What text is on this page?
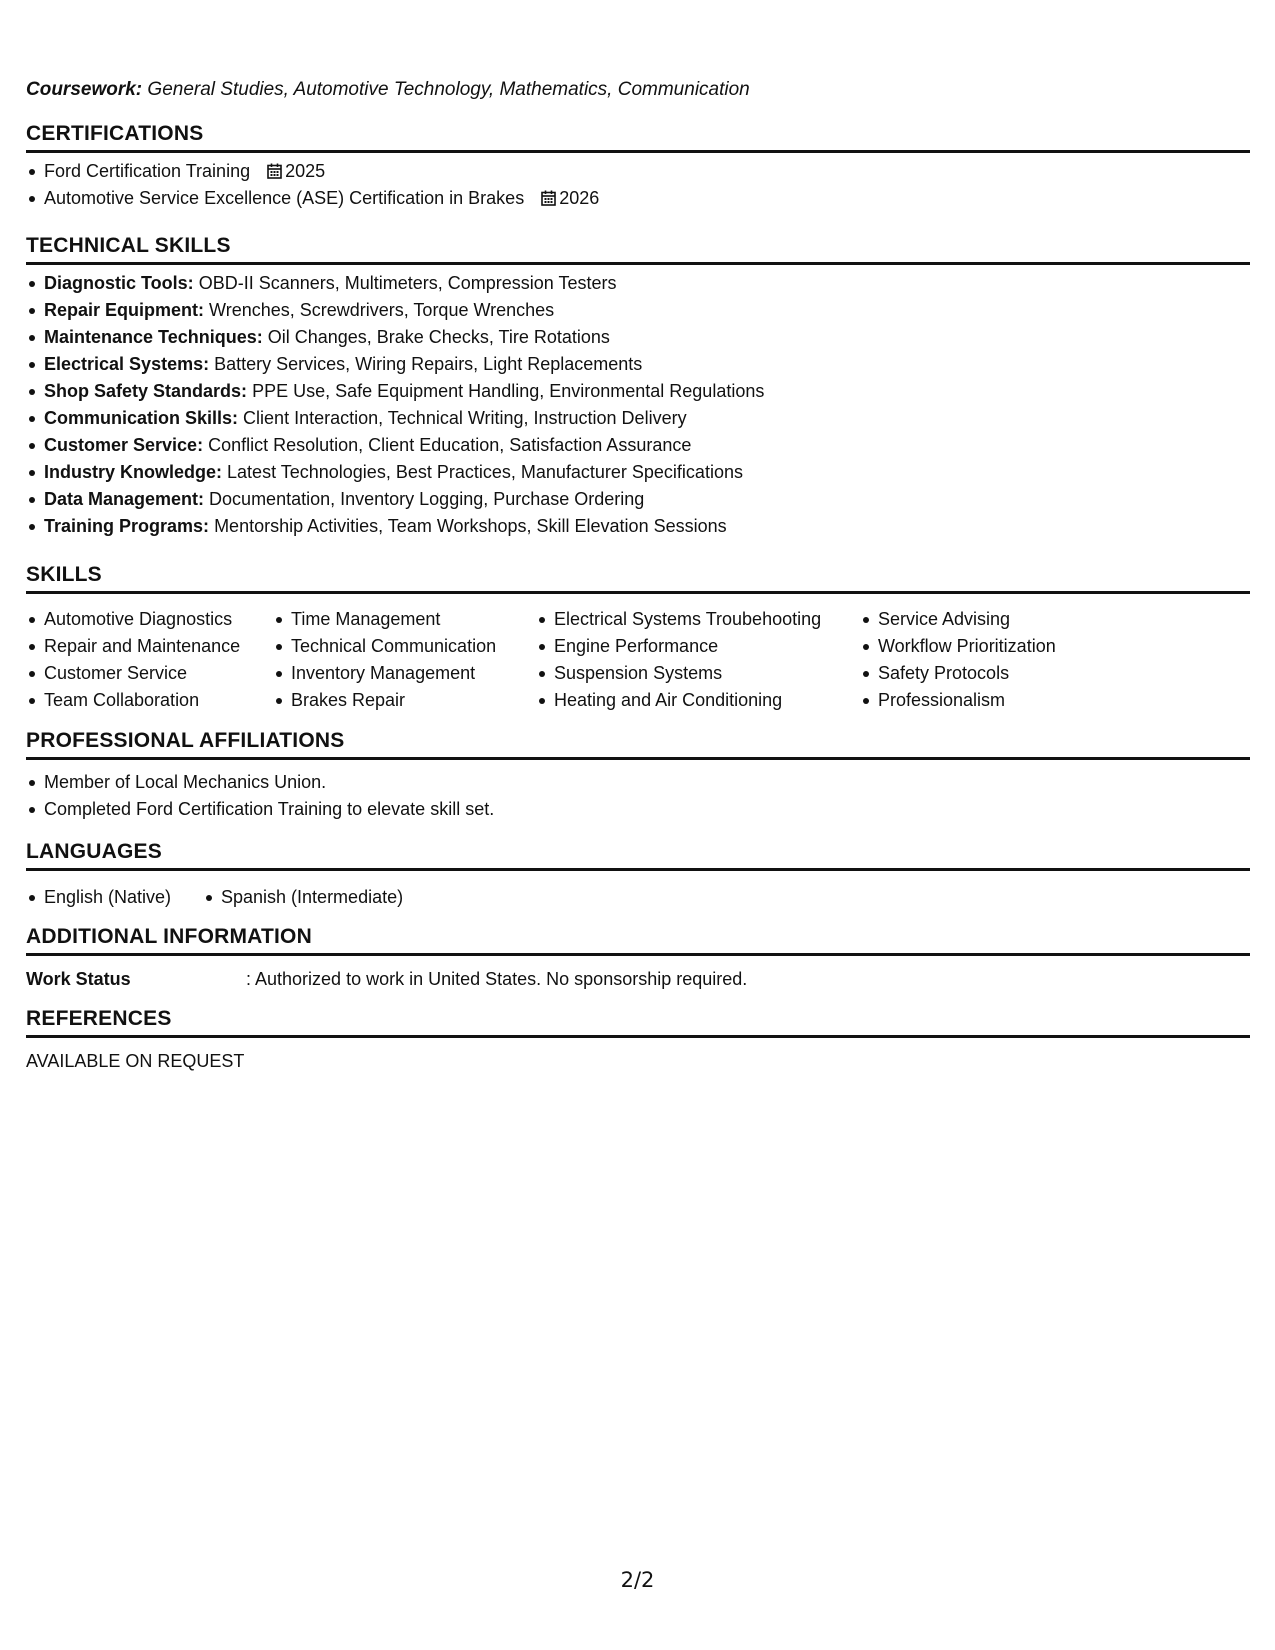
Coursework: General Studies, Automotive Technology, Mathematics, Communication
CERTIFICATIONS
Ford Certification Training 2025
Automotive Service Excellence (ASE) Certification in Brakes 2026
TECHNICAL SKILLS
Diagnostic Tools: OBD-II Scanners, Multimeters, Compression Testers
Repair Equipment: Wrenches, Screwdrivers, Torque Wrenches
Maintenance Techniques: Oil Changes, Brake Checks, Tire Rotations
Electrical Systems: Battery Services, Wiring Repairs, Light Replacements
Shop Safety Standards: PPE Use, Safe Equipment Handling, Environmental Regulations
Communication Skills: Client Interaction, Technical Writing, Instruction Delivery
Customer Service: Conflict Resolution, Client Education, Satisfaction Assurance
Industry Knowledge: Latest Technologies, Best Practices, Manufacturer Specifications
Data Management: Documentation, Inventory Logging, Purchase Ordering
Training Programs: Mentorship Activities, Team Workshops, Skill Elevation Sessions
SKILLS
Automotive Diagnostics
Repair and Maintenance
Customer Service
Team Collaboration
Time Management
Technical Communication
Inventory Management
Brakes Repair
Electrical Systems Troubehooting
Engine Performance
Suspension Systems
Heating and Air Conditioning
Service Advising
Workflow Prioritization
Safety Protocols
Professionalism
PROFESSIONAL AFFILIATIONS
Member of Local Mechanics Union.
Completed Ford Certification Training to elevate skill set.
LANGUAGES
English (Native)	Spanish (Intermediate)
ADDITIONAL INFORMATION
Work Status	: Authorized to work in United States. No sponsorship required.
REFERENCES
AVAILABLE ON REQUEST
2/2
